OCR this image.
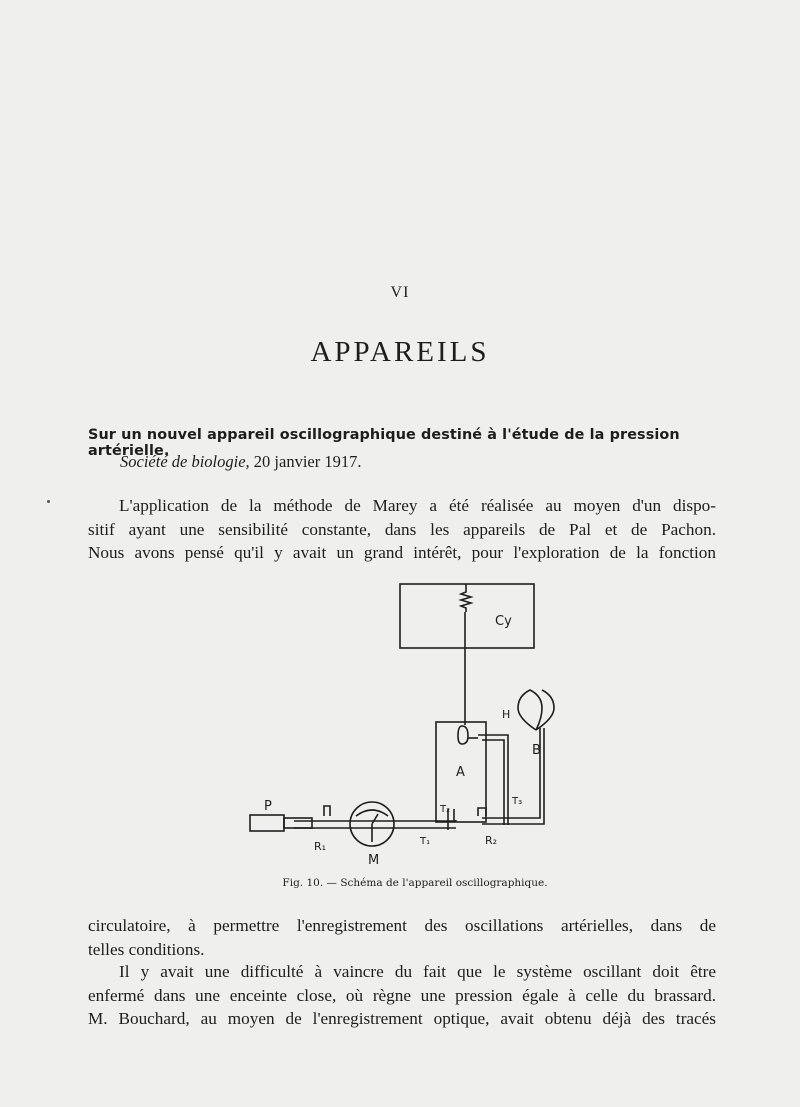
VI
APPAREILS
Sur un nouvel appareil oscillographique destiné à l'étude de la pression artérielle.
Société de biologie, 20 janvier 1917.
L'application de la méthode de Marey a été réalisée au moyen d'un dispo-
sitif ayant une sensibilité constante, dans les appareils de Pal et de Pachon.
Nous avons pensé qu'il y avait un grand intérêt, pour l'exploration de la fonction
Cy
H
A
B
P	T₂
T₃
T₁
R₁	R₂
M
Fig. 10. — Schéma de l'appareil oscillographique.
circulatoire, à permettre l'enregistrement des oscillations artérielles, dans de
telles conditions.
Il y avait une difficulté à vaincre du fait que le système oscillant doit être
enfermé dans une enceinte close, où règne une pression égale à celle du brassard.
M. Bouchard, au moyen de l'enregistrement optique, avait obtenu déjà des tracés
